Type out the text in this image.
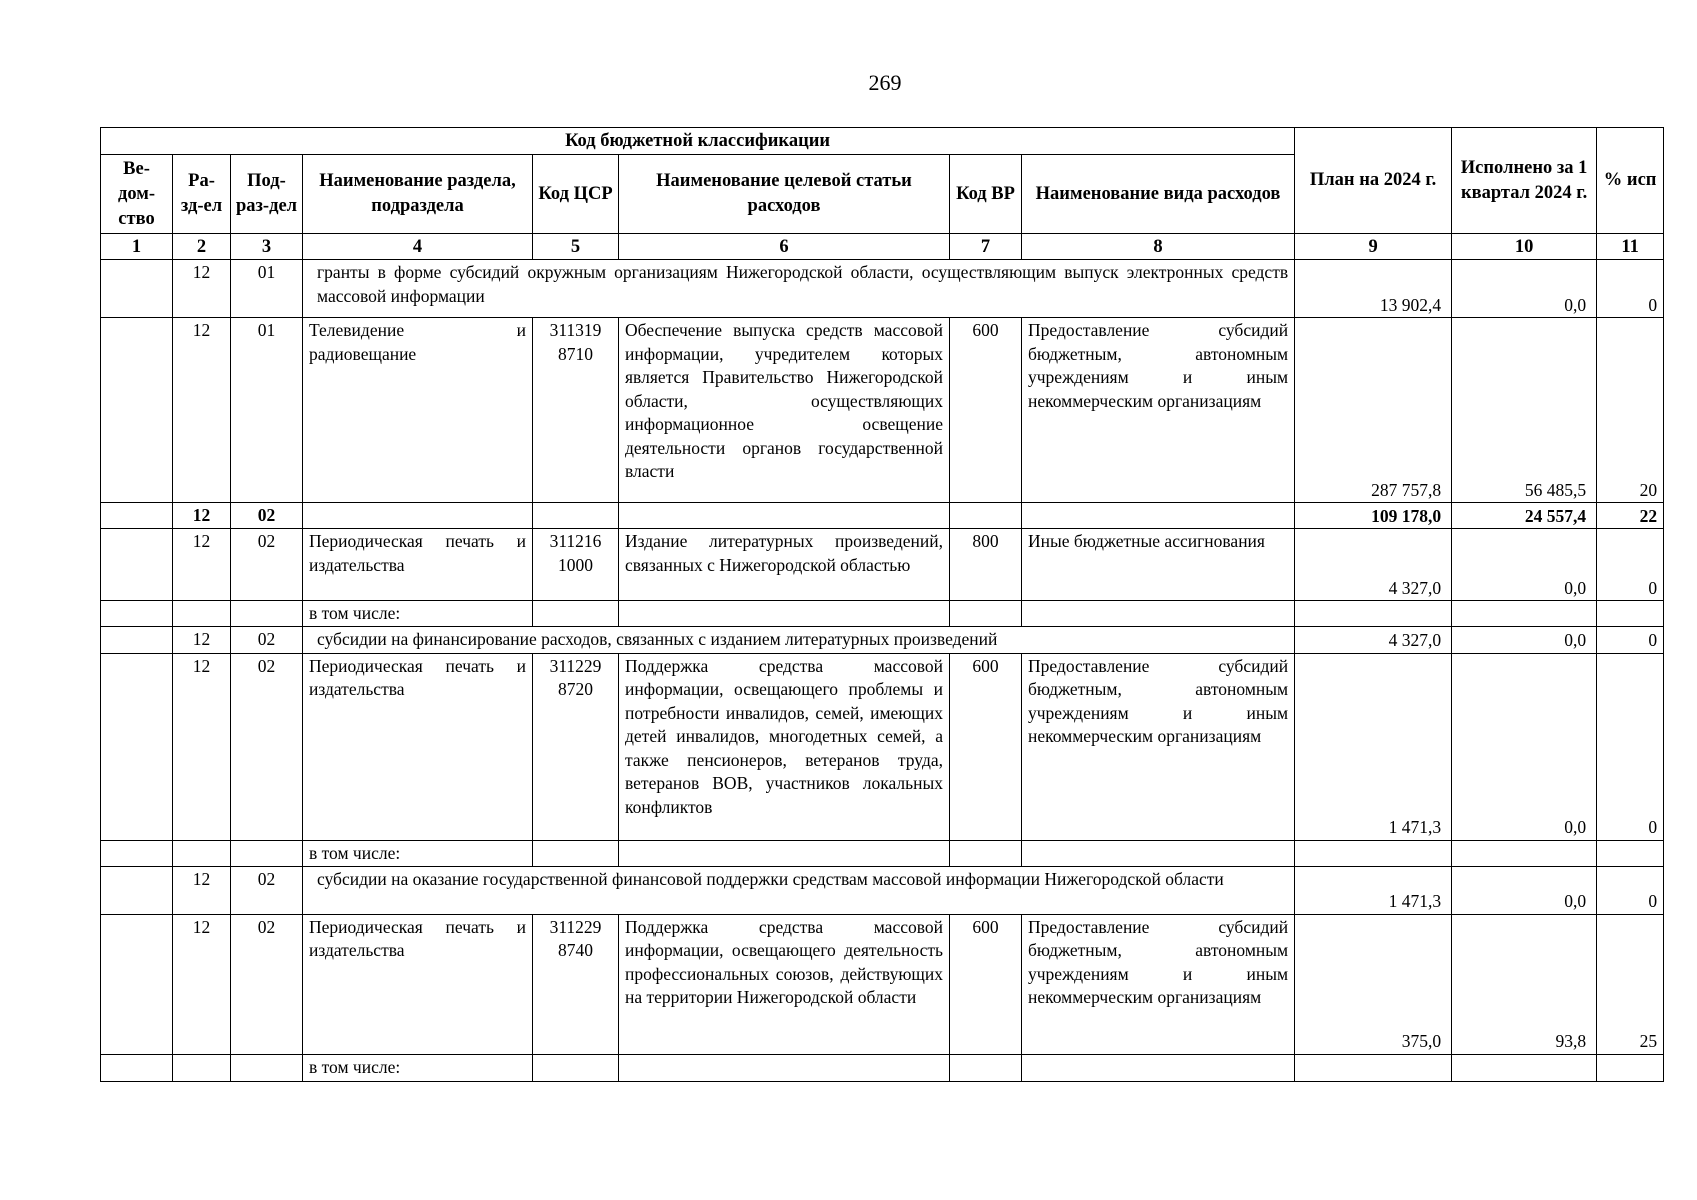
269
Код бюджетной классификации								План на 2024 г.	Исполнено за 1 квартал 2024 г.	% исп
Ве-дом-ство	Ра-зд-ел	Под-раз-дел	Наименование раздела, подраздела	Код ЦСР	Наименование целевой статьи расходов	Код ВР	Наименование вида расходов			
1	2	3	4	5	6	7	8	9	10	11
	12	01	гранты в форме субсидий окружным организациям Нижегородской области, осуществляющим выпуск электронных средств массовой информации					13 902,4	0,0	0
	12	01	Телевидение и радиовещание	311319 8710	Обеспечение выпуска средств массовой информации, учредителем которых является Правительство Нижегородской области, осуществляющих информационное освещение деятельности органов государственной власти	600	Предоставление субсидий бюджетным, автономным учреждениям и иным некоммерческим организациям	287 757,8	56 485,5	20
	12	02						109 178,0	24 557,4	22
	12	02	Периодическая печать и издательства	311216 1000	Издание литературных произведений, связанных с Нижегородской областью	800	Иные бюджетные ассигнования	4 327,0	0,0	0
			в том числе:							
	12	02	субсидии на финансирование расходов, связанных с изданием литературных произведений					4 327,0	0,0	0
	12	02	Периодическая печать и издательства	311229 8720	Поддержка средства массовой информации, освещающего проблемы и потребности инвалидов, семей, имеющих детей инвалидов, многодетных семей, а также пенсионеров, ветеранов труда, ветеранов ВОВ, участников локальных конфликтов	600	Предоставление субсидий бюджетным, автономным учреждениям и иным некоммерческим организациям	1 471,3	0,0	0
			в том числе:							
	12	02	субсидии на оказание государственной финансовой поддержки средствам массовой информации Нижегородской области					1 471,3	0,0	0
	12	02	Периодическая печать и издательства	311229 8740	Поддержка средства массовой информации, освещающего деятельность профессиональных союзов, действующих на территории Нижегородской области	600	Предоставление субсидий бюджетным, автономным учреждениям и иным некоммерческим организациям	375,0	93,8	25
			в том числе:							
